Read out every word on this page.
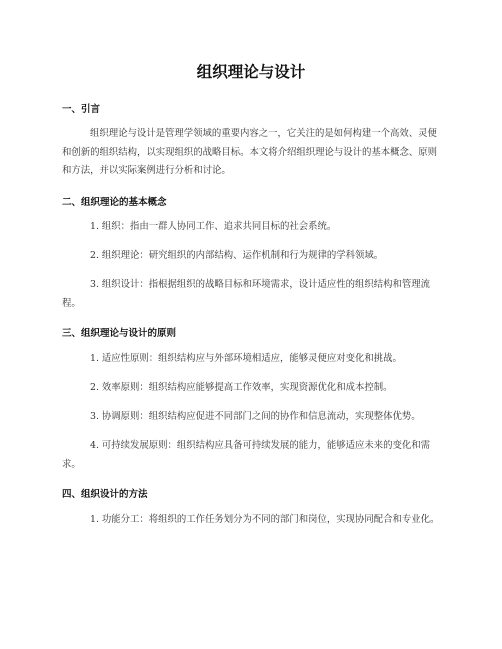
组织理论与设计
一、引言

组织理论与设计是管理学领域的重要内容之一，它关注的是如何构建一个高效、灵便和创新的组织结构，以实现组织的战略目标。本文将介绍组织理论与设计的基本概念、原则和方法，并以实际案例进行分析和讨论。

二、组织理论的基本概念

1. 组织：指由一群人协同工作、追求共同目标的社会系统。

2. 组织理论：研究组织的内部结构、运作机制和行为规律的学科领域。

3. 组织设计：指根据组织的战略目标和环境需求，设计适应性的组织结构和管理流程。

三、组织理论与设计的原则

1. 适应性原则：组织结构应与外部环境相适应，能够灵便应对变化和挑战。

2. 效率原则：组织结构应能够提高工作效率，实现资源优化和成本控制。

3. 协调原则：组织结构应促进不同部门之间的协作和信息流动，实现整体优势。

4. 可持续发展原则：组织结构应具备可持续发展的能力，能够适应未来的变化和需求。

四、组织设计的方法

1. 功能分工：将组织的工作任务划分为不同的部门和岗位，实现协同配合和专业化。
